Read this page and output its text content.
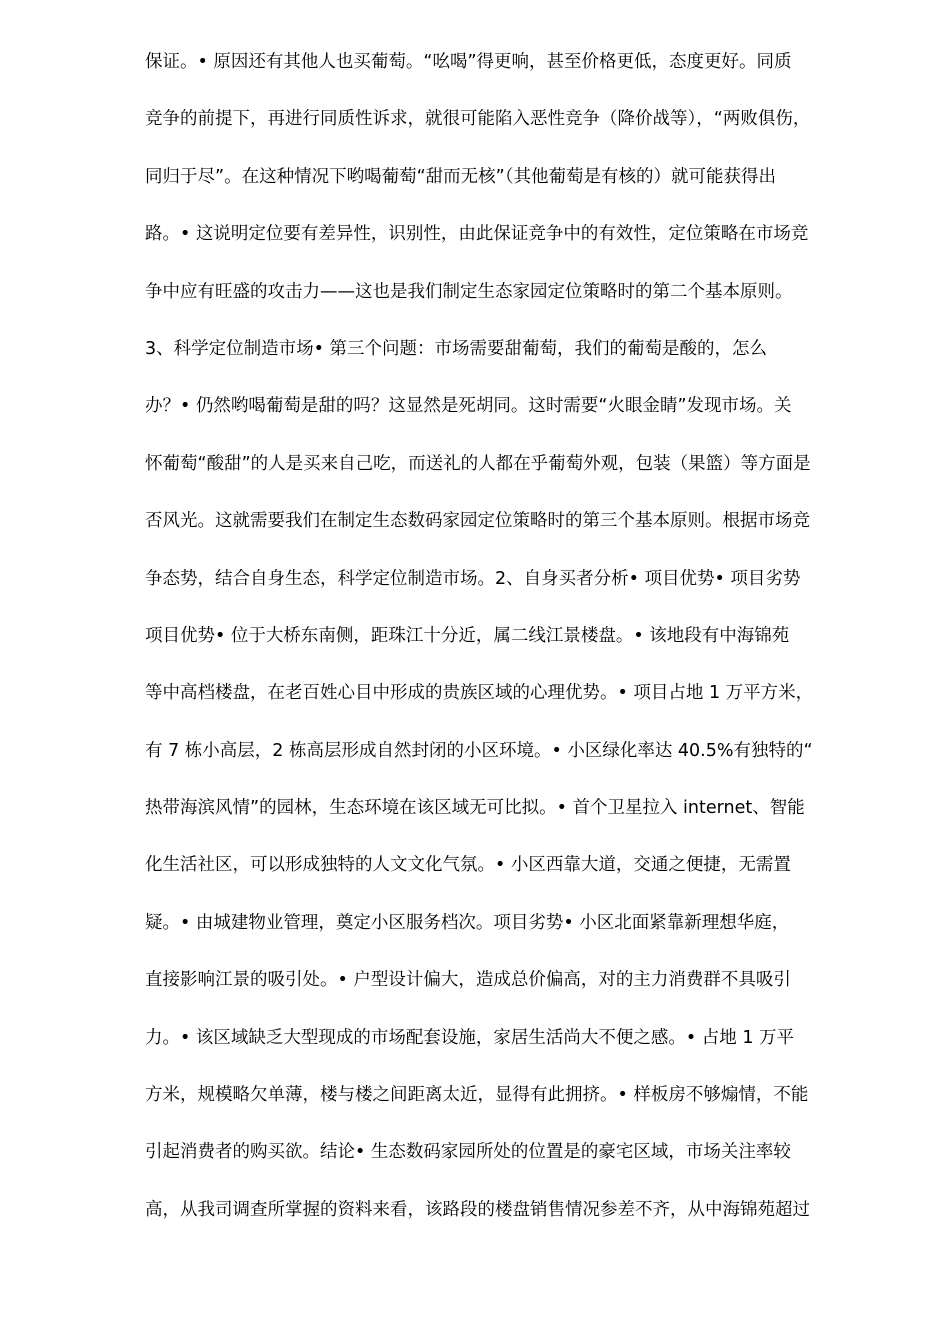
保证。• 原因还有其他人也买葡萄。“吆喝”得更响，甚至价格更低，态度更好。同质
竞争的前提下，再进行同质性诉求，就很可能陷入恶性竞争（降价战等），“两败俱伤，
同归于尽”。在这种情况下哟喝葡萄“甜而无核”（其他葡萄是有核的）就可能获得出
路。• 这说明定位要有差异性，识别性，由此保证竞争中的有效性，定位策略在市场竞
争中应有旺盛的攻击力——这也是我们制定生态家园定位策略时的第二个基本原则。
3、科学定位制造市场• 第三个问题：市场需要甜葡萄，我们的葡萄是酸的，怎么
办？• 仍然哟喝葡萄是甜的吗？这显然是死胡同。这时需要“火眼金睛”发现市场。关
怀葡萄“酸甜”的人是买来自己吃，而送礼的人都在乎葡萄外观，包装（果篮）等方面是
否风光。这就需要我们在制定生态数码家园定位策略时的第三个基本原则。根据市场竞
争态势，结合自身生态，科学定位制造市场。2、自身买者分析• 项目优势• 项目劣势
项目优势• 位于大桥东南侧，距珠江十分近，属二线江景楼盘。• 该地段有中海锦苑
等中高档楼盘，在老百姓心目中形成的贵族区域的心理优势。• 项目占地 1 万平方米，
有 7 栋小高层，2 栋高层形成自然封闭的小区环境。• 小区绿化率达 40.5%有独特的“
热带海滨风情”的园林，生态环境在该区域无可比拟。• 首个卫星拉入 internet、智能
化生活社区，可以形成独特的人文文化气氛。• 小区西靠大道，交通之便捷，无需置
疑。• 由城建物业管理，奠定小区服务档次。项目劣势• 小区北面紧靠新理想华庭，
直接影响江景的吸引处。• 户型设计偏大，造成总价偏高，对的主力消费群不具吸引
力。• 该区域缺乏大型现成的市场配套设施，家居生活尚大不便之感。• 占地 1 万平
方米，规模略欠单薄，楼与楼之间距离太近，显得有此拥挤。• 样板房不够煽情，不能
引起消费者的购买欲。结论• 生态数码家园所处的位置是的豪宅区域，市场关注率较
高，从我司调查所掌握的资料来看，该路段的楼盘销售情况参差不齐，从中海锦苑超过
